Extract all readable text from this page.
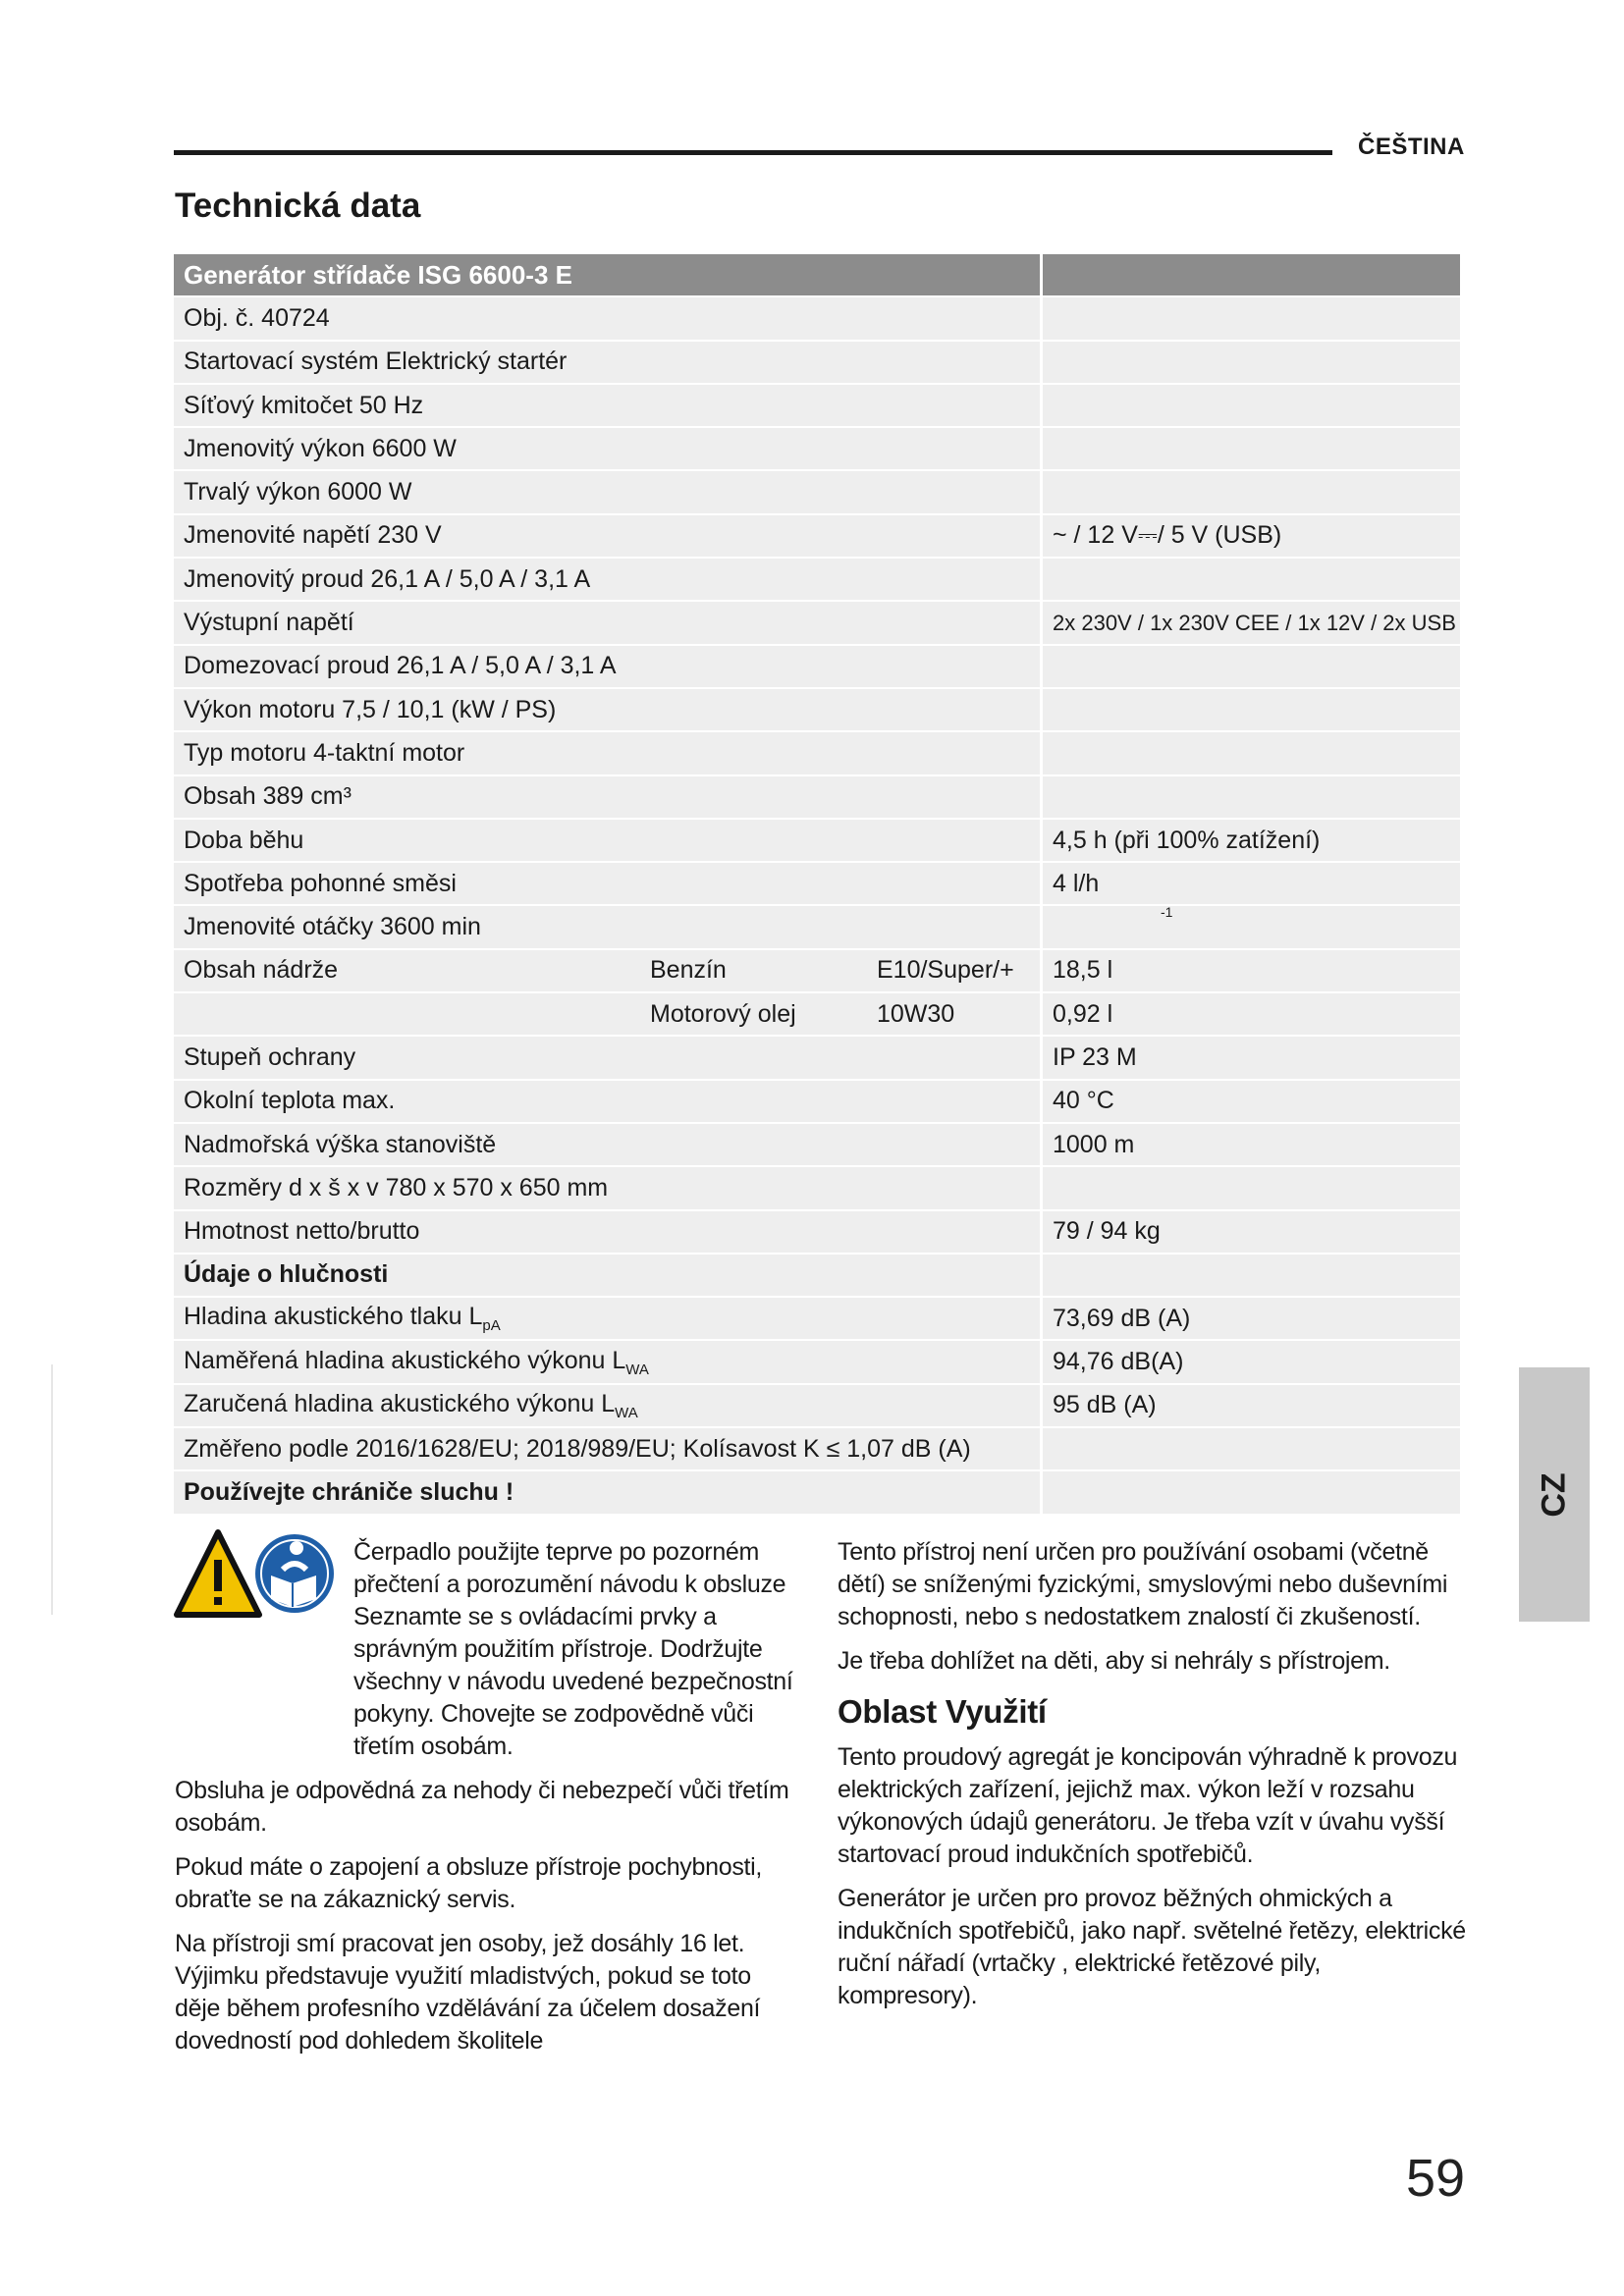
ČEŠTINA
Technická data
Generátor střídače ISG 6600-3 E			
Obj. č. 40724			
Startovací systém Elektrický startér			
Síťový kmitočet 50 Hz			
Jmenovitý výkon 6600 W			
Trvalý výkon 6000 W			
Jmenovité napětí 230 V			~ / 12 V⎓/ 5 V (USB)
Jmenovitý proud 26,1 A / 5,0 A / 3,1 A			
Výstupní napětí			2x 230V / 1x 230V CEE / 1x 12V / 2x USB
Domezovací proud 26,1 A / 5,0 A / 3,1 A			
Výkon motoru 7,5 / 10,1 (kW / PS)			
Typ motoru 4-taktní motor			
Obsah 389 cm³			
Doba běhu			4,5 h (při 100% zatížení)
Spotřeba pohonné směsi			4 l/h
Jmenovité otáčky 3600 min			$^{-1}$
Obsah nádrže	Benzín	E10/Super/+	18,5 l
	Motorový olej	10W30	0,92 l
Stupeň ochrany			IP 23 M
Okolní teplota max.			40 °C
Nadmořská výška stanoviště			1000 m
Rozměry d x š x v 780 x 570 x 650 mm			
Hmotnost netto/brutto			79 / 94 kg
Údaje o hlučnosti			
Hladina akustického tlaku $L_{pA}$			73,69 dB (A)
Naměřená hladina akustického výkonu $L_{WA}$			94,76 dB(A)
Zaručená hladina akustického výkonu $L_{WA}$			95 dB (A)
Změřeno podle 2016/1628/EU; 2018/989/EU; Kolísavost K ≤ 1,07 dB (A)			
Používejte chrániče sluchu !			

Čerpadlo použijte teprve po pozorném přečtení a porozumění návodu k obsluze Seznamte se s ovládacími prvky a správným použitím přístroje. Dodržujte všechny v návodu uvedené bezpečnostní pokyny. Chovejte se zodpovědně vůči třetím osobám.

Obsluha je odpovědná za nehody či nebezpečí vůči třetím osobám.

Pokud máte o zapojení a obsluze přístroje pochybnosti, obraťte se na zákaznický servis.

Na přístroji smí pracovat jen osoby, jež dosáhly 16 let. Výjimku představuje využití mladistvých, pokud se toto děje během profesního vzdělávání za účelem dosažení dovedností pod dohledem školitele

Tento přístroj není určen pro používání osobami (včetně dětí) se sníženými fyzickými, smyslovými nebo duševními schopnosti, nebo s nedostatkem znalostí či zkušeností.

Je třeba dohlížet na děti, aby si nehrály s přístrojem.

Oblast Využití

Tento proudový agregát je koncipován výhradně k provozu elektrických zařízení, jejichž max. výkon leží v rozsahu výkonových údajů generátoru. Je třeba vzít v úvahu vyšší startovací proud indukčních spotřebičů.

Generátor je určen pro provoz běžných ohmických a indukčních spotřebičů, jako např. světelné řetězy, elektrické ruční nářadí (vrtačky , elektrické řetězové pily, kompresory).

CZ
59
